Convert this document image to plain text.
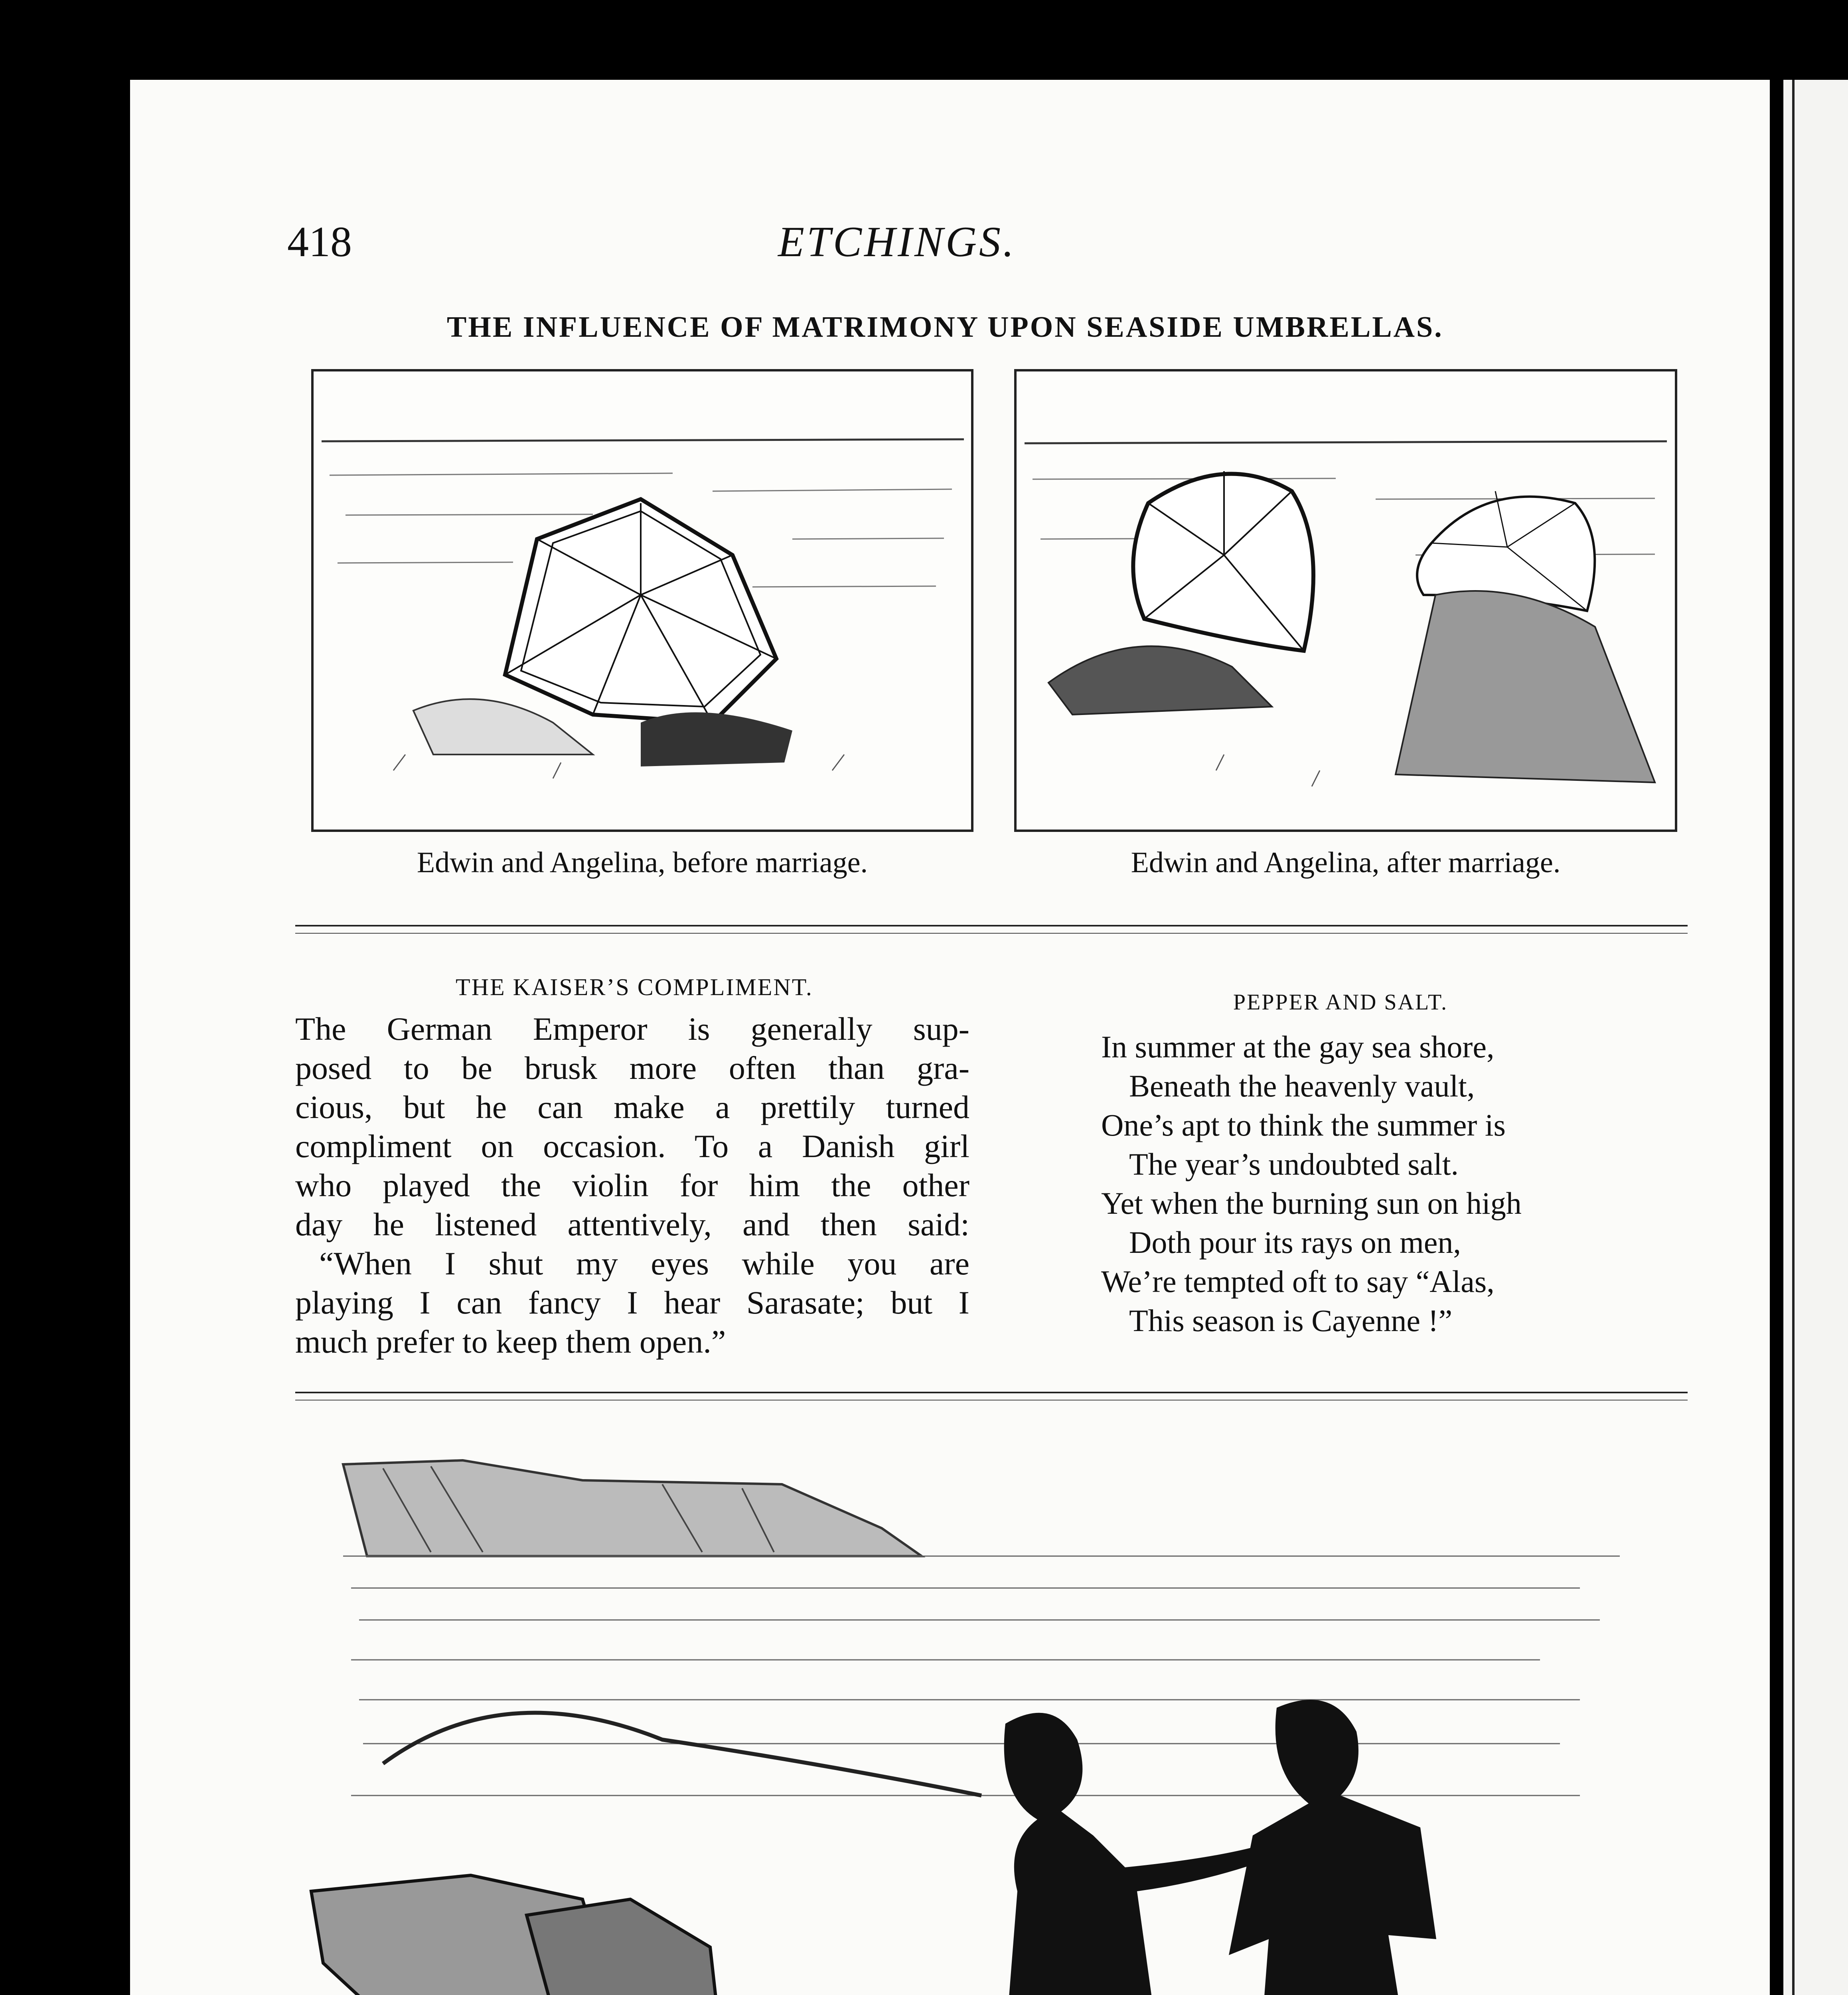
418	ETCHINGS.
THE INFLUENCE OF MATRIMONY UPON SEASIDE UMBRELLAS.
Edwin and Angelina, before marriage.	Edwin and Angelina, after marriage.
THE KAISER’S COMPLIMENT.

The German Emperor is generally sup-

posed to be brusk more often than gra-

cious, but he can make a prettily turned

compliment on occasion. To a Danish girl

who played the violin for him the other

day he listened attentively, and then said:

“When I shut my eyes while you are

playing I can fancy I hear Sarasate; but I

much prefer to keep them open.”

PEPPER AND SALT.
In summer at the gay sea shore,
Beneath the heavenly vault,
One’s apt to think the summer is
The year’s undoubted salt.
Yet when the burning sun on high
Doth pour its rays on men,
We’re tempted oft to say “Alas,
This season is Cayenne !”
